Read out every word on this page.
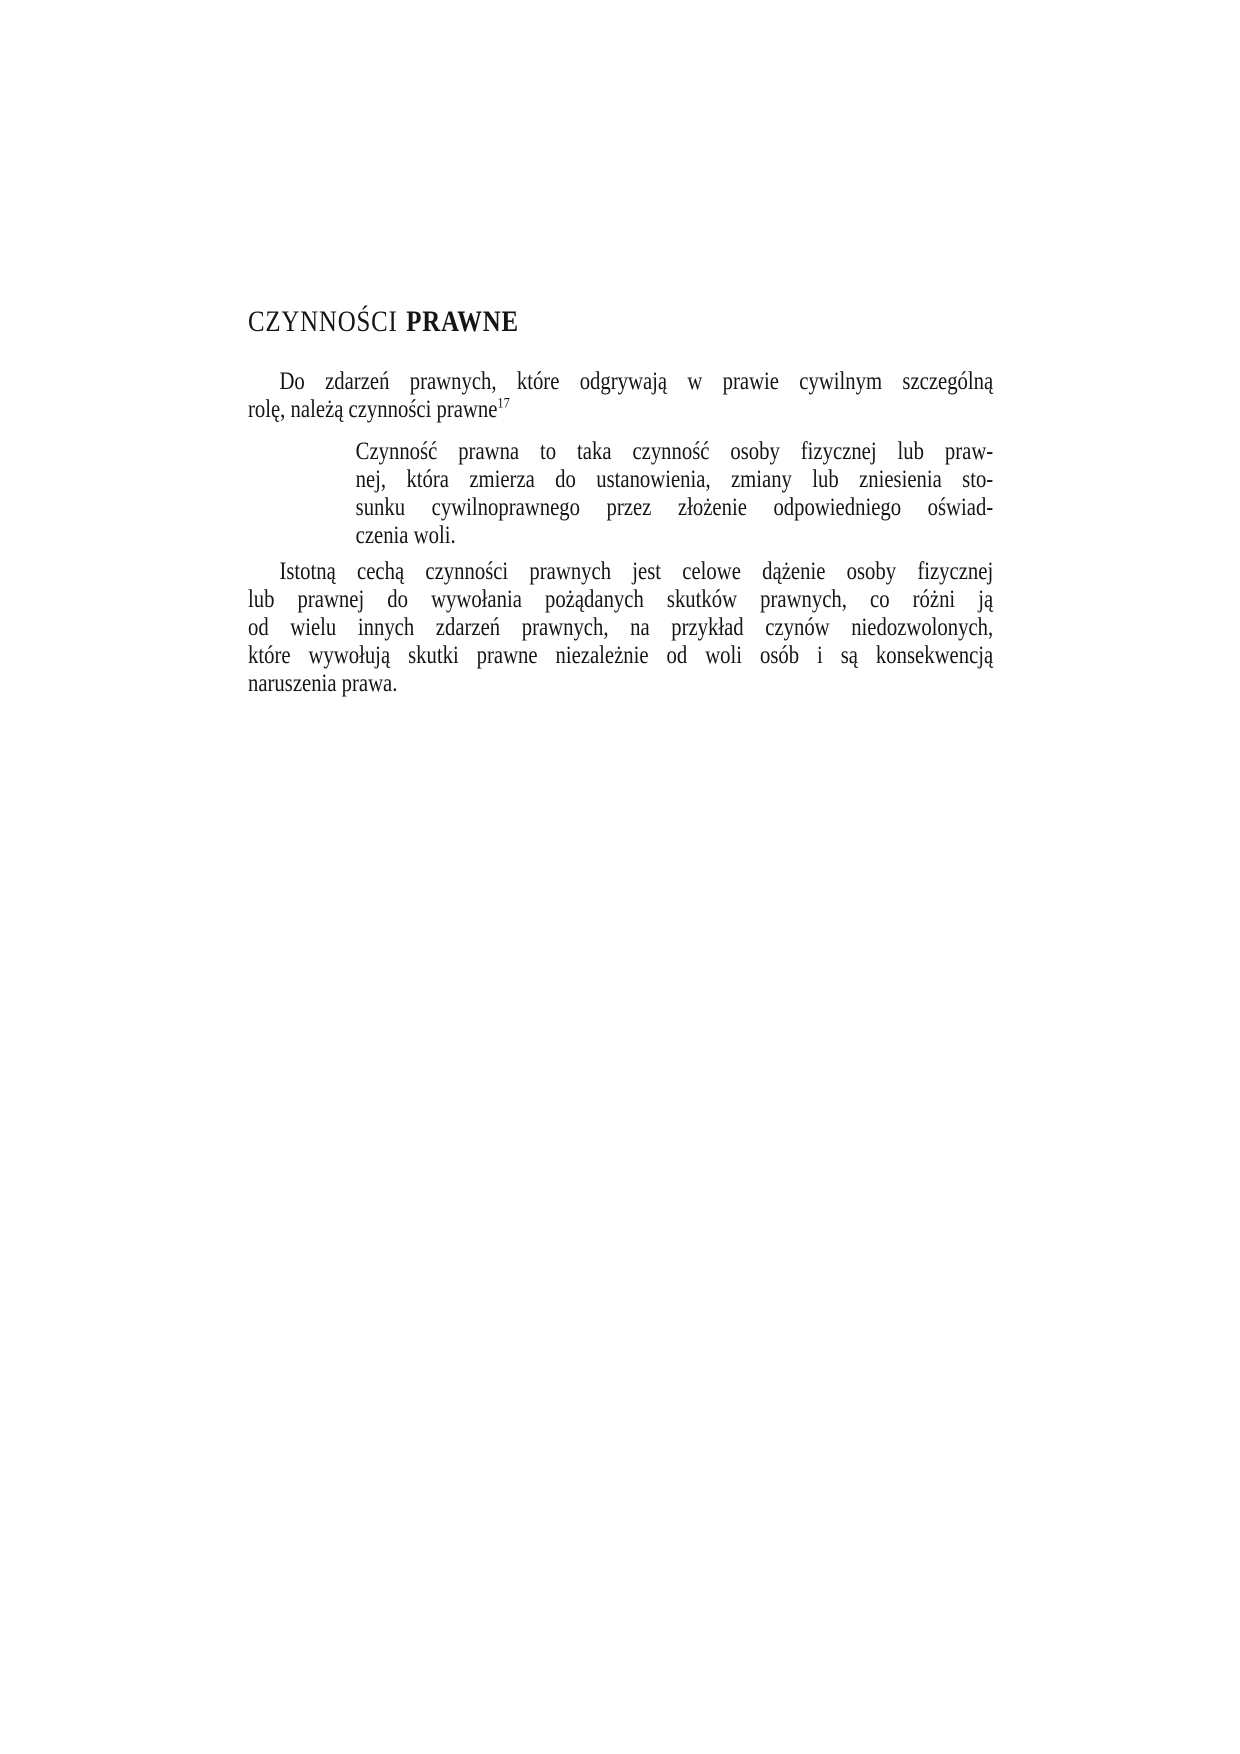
CZYNNOŚCI PRAWNE
Do zdarzeń prawnych, które odgrywają w prawie cywilnym szczególną
rolę, należą czynności prawne$^{17}$
Czynność prawna to taka czynność osoby fizycznej lub praw-
nej, która zmierza do ustanowienia, zmiany lub zniesienia sto-
sunku cywilnoprawnego przez złożenie odpowiedniego oświad-
czenia woli.
Istotną cechą czynności prawnych jest celowe dążenie osoby fizycznej
lub prawnej do wywołania pożądanych skutków prawnych, co różni ją
od wielu innych zdarzeń prawnych, na przykład czynów niedozwolonych,
które wywołują skutki prawne niezależnie od woli osób i są konsekwencją
naruszenia prawa.
